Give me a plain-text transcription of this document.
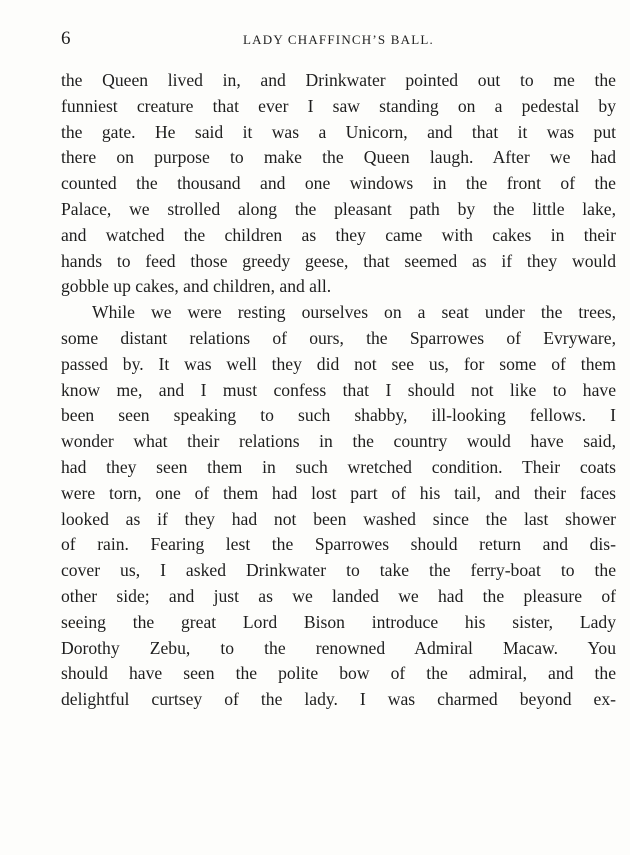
6	LADY CHAFFINCH’S BALL.
the Queen lived in, and Drinkwater pointed out to me the
funniest creature that ever I saw standing on a pedestal by
the gate. He said it was a Unicorn, and that it was put
there on purpose to make the Queen laugh. After we had
counted the thousand and one windows in the front of the
Palace, we strolled along the pleasant path by the little lake,
and watched the children as they came with cakes in their
hands to feed those greedy geese, that seemed as if they would
gobble up cakes, and children, and all.
While we were resting ourselves on a seat under the trees,
some distant relations of ours, the Sparrowes of Evryware,
passed by. It was well they did not see us, for some of them
know me, and I must confess that I should not like to have
been seen speaking to such shabby, ill-looking fellows. I
wonder what their relations in the country would have said,
had they seen them in such wretched condition. Their coats
were torn, one of them had lost part of his tail, and their faces
looked as if they had not been washed since the last shower
of rain. Fearing lest the Sparrowes should return and dis-
cover us, I asked Drinkwater to take the ferry-boat to the
other side; and just as we landed we had the pleasure of
seeing the great Lord Bison introduce his sister, Lady
Dorothy Zebu, to the renowned Admiral Macaw. You
should have seen the polite bow of the admiral, and the
delightful curtsey of the lady. I was charmed beyond ex-
